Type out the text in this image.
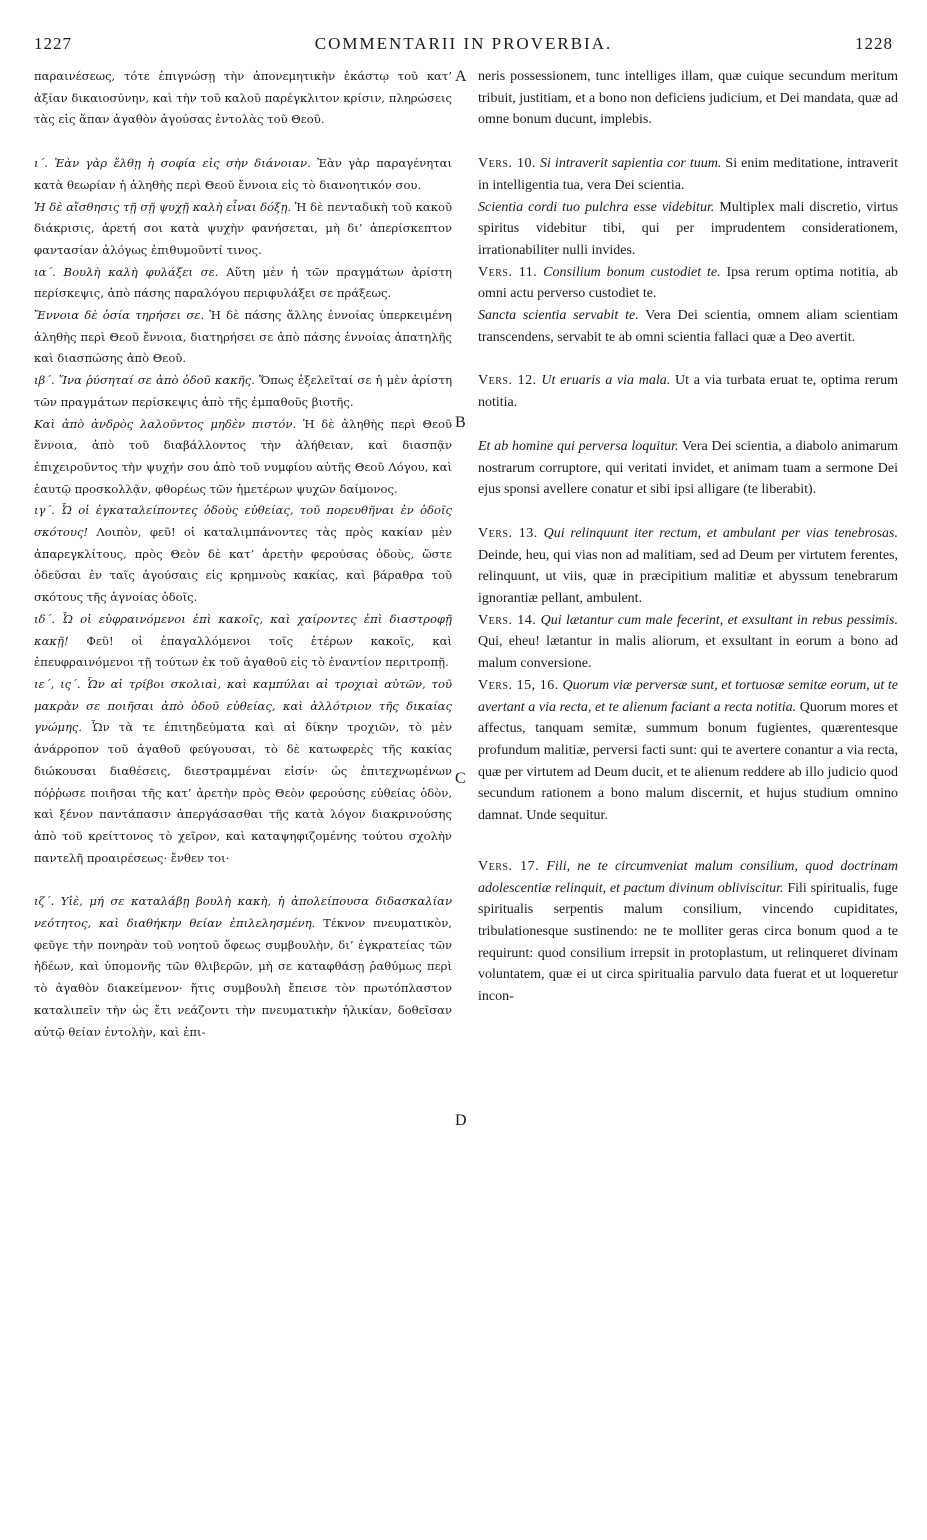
1227	COMMENTARII IN PROVERBIA.	1228
A
B
C
D

παραινέσεως, τότε ἐπιγνώσῃ τὴν ἀπονεμητικὴν ἑκάστῳ τοῦ κατ’ ἀξίαν δικαιοσύνην, καὶ τὴν τοῦ καλοῦ παρέγκλιτον κρίσιν, πληρώσεις τὰς εἰς ἅπαν ἀγαθὸν ἀγούσας ἐντολὰς τοῦ Θεοῦ.

ι΄. Ἐὰν γὰρ ἔλθῃ ἡ σοφία εἰς σὴν διάνοιαν. Ἐὰν γὰρ παραγένηται κατὰ θεωρίαν ἡ ἀληθὴς περὶ Θεοῦ ἔννοια εἰς τὸ διανοητικόν σου.

Ἡ δὲ αἴσθησις τῇ σῇ ψυχῇ καλὴ εἶναι δόξῃ. Ἡ δὲ πενταδικὴ τοῦ κακοῦ διάκρισις, ἀρετή σοι κατὰ ψυχὴν φανήσεται, μὴ δι’ ἀπερίσκεπτον φαντασίαν ἀλόγως ἐπιθυμοῦντί τινος.

ια΄. Βουλὴ καλὴ φυλάξει σε. Αὕτη μὲν ἡ τῶν πραγμάτων ἀρίστη περίσκεψις, ἀπὸ πάσης παραλόγου περιφυλάξει σε πράξεως.

Ἔννοια δὲ ὁσία τηρήσει σε. Ἡ δὲ πάσης ἄλλης ἐννοίας ὑπερκειμένη ἀληθὴς περὶ Θεοῦ ἔννοια, διατηρήσει σε ἀπὸ πάσης ἐννοίας ἀπατηλῆς καὶ διασπώσης ἀπὸ Θεοῦ.

ιβ΄. Ἵνα ῥύσηταί σε ἀπὸ ὁδοῦ κακῆς. Ὅπως ἐξελεῖταί σε ἡ μὲν ἀρίστη τῶν πραγμάτων περίσκεψις ἀπὸ τῆς ἐμπαθοῦς βιοτῆς.

Καὶ ἀπὸ ἀνδρὸς λαλοῦντος μηδὲν πιστόν. Ἡ δὲ ἀληθὴς περὶ Θεοῦ ἔννοια, ἀπὸ τοῦ διαβάλλοντος τὴν ἀλήθειαν, καὶ διασπᾷν ἐπιχειροῦντος τὴν ψυχήν σου ἀπὸ τοῦ νυμφίου αὐτῆς Θεοῦ Λόγου, καὶ ἑαυτῷ προσκολλᾷν, φθορέως τῶν ἡμετέρων ψυχῶν δαίμονος.

ιγ΄. Ὦ οἱ ἐγκαταλείποντες ὁδοὺς εὐθείας, τοῦ πορευθῆναι ἐν ὁδοῖς σκότους! Λοιπὸν, φεῦ! οἱ καταλιμπάνοντες τὰς πρὸς κακίαν μὲν ἀπαρεγκλίτους, πρὸς Θεὸν δὲ κατ’ ἀρετὴν φερούσας ὁδοὺς, ὥστε ὁδεῦσαι ἐν ταῖς ἀγούσαις εἰς κρημνοὺς κακίας, καὶ βάραθρα τοῦ σκότους τῆς ἀγνοίας ὁδοῖς.

ιδ΄. Ὦ οἱ εὐφραινόμενοι ἐπὶ κακοῖς, καὶ χαίροντες ἐπὶ διαστροφῇ κακῇ! Φεῦ! οἱ ἐπαγαλλόμενοι τοῖς ἑτέρων κακοῖς, καὶ ἐπευφραινόμενοι τῇ τούτων ἐκ τοῦ ἀγαθοῦ εἰς τὸ ἐναντίον περιτροπῇ.

ιε΄, ις΄. Ὧν αἱ τρίβοι σκολιαὶ, καὶ καμπύλαι αἱ τροχιαὶ αὐτῶν, τοῦ μακρὰν σε ποιῆσαι ἀπὸ ὁδοῦ εὐθείας, καὶ ἀλλότριον τῆς δικαίας γνώμης. Ὧν τὰ τε ἐπιτηδεύματα καὶ αἱ δίκην τροχιῶν, τὸ μὲν ἀνάρροπον τοῦ ἀγαθοῦ φεύγουσαι, τὸ δὲ κατωφερὲς τῆς κακίας διώκουσαι διαθέσεις, διεστραμμέναι εἰσίν· ὡς ἐπιτεχνωμένων πόῤῥωσε ποιῆσαι τῆς κατ’ ἀρετὴν πρὸς Θεὸν φερούσης εὐθείας ὁδὸν, καὶ ξένον παντάπασιν ἀπεργάσασθαι τῆς κατὰ λόγον διακρινούσης ἀπὸ τοῦ κρείττονος τὸ χεῖρον, καὶ καταψηφιζομένης τούτου σχολὴν παντελῆ προαιρέσεως· ἔνθεν τοι·

ιζ΄. Υἱὲ, μή σε καταλάβῃ βουλὴ κακὴ, ἡ ἀπολείπουσα διδασκαλίαν νεότητος, καὶ διαθήκην θείαν ἐπιλελησμένη. Τέκνον πνευματικὸν, φεῦγε τὴν πονηρὰν τοῦ νοητοῦ ὄφεως συμβουλὴν, δι’ ἐγκρατείας τῶν ἡδέων, καὶ ὑπομονῆς τῶν θλιβερῶν, μὴ σε καταφθάσῃ ῥαθύμως περὶ τὸ ἀγαθὸν διακείμενον· ἥτις συμβουλὴ ἔπεισε τὸν πρωτόπλαστον καταλιπεῖν τὴν ὡς ἔτι νεάζοντι τὴν πνευματικὴν ἡλικίαν, δοθεῖσαν αὐτῷ θείαν ἐντολὴν, καὶ ἐπι-

neris possessionem, tunc intelliges illam, quæ cuique secundum meritum tribuit, justitiam, et a bono non deficiens judicium, et Dei mandata, quæ ad omne bonum ducunt, implebis.

Vers. 10. Si intraverit sapientia cor tuum. Si enim meditatione, intraverit in intelligentia tua, vera Dei scientia.

Scientia cordi tuo pulchra esse videbitur. Multiplex mali discretio, virtus spiritus videbitur tibi, qui per imprudentem considerationem, irrationabiliter nulli invides.

Vers. 11. Consilium bonum custodiet te. Ipsa rerum optima notitia, ab omni actu perverso custodiet te.

Sancta scientia servabit te. Vera Dei scientia, omnem aliam scientiam transcendens, servabit te ab omni scientia fallaci quæ a Deo avertit.

Vers. 12. Ut eruaris a via mala. Ut a via turbata eruat te, optima rerum notitia.

Et ab homine qui perversa loquitur. Vera Dei scientia, a diabolo animarum nostrarum corruptore, qui veritati invidet, et animam tuam a sermone Dei ejus sponsi avellere conatur et sibi ipsi alligare (te liberabit).

Vers. 13. Qui relinquunt iter rectum, et ambulant per vias tenebrosas. Deinde, heu, qui vias non ad malitiam, sed ad Deum per virtutem ferentes, relinquunt, ut viis, quæ in præcipitium malitiæ et abyssum tenebrarum ignorantiæ pellant, ambulent.

Vers. 14. Qui lætantur cum male fecerint, et exsultant in rebus pessimis. Qui, eheu! lætantur in malis aliorum, et exsultant in eorum a bono ad malum conversione.

Vers. 15, 16. Quorum viæ perversæ sunt, et tortuosæ semitæ eorum, ut te avertant a via recta, et te alienum faciant a recta notitia. Quorum mores et affectus, tanquam semitæ, summum bonum fugientes, quærentesque profundum malitiæ, perversi facti sunt: qui te avertere conantur a via recta, quæ per virtutem ad Deum ducit, et te alienum reddere ab illo judicio quod secundum rationem a bono malum discernit, et hujus studium omnino damnat. Unde sequitur.

Vers. 17. Fili, ne te circumveniat malum consilium, quod doctrinam adolescentiæ relinquit, et pactum divinum obliviscitur. Fili spiritualis, fuge spiritualis serpentis malum consilium, vincendo cupiditates, tribulationesque sustinendo: ne te molliter geras circa bonum quod a te requirunt: quod consilium irrepsit in protoplastum, ut relinqueret divinam voluntatem, quæ ei ut circa spiritualia parvulo data fuerat et ut loqueretur incon-
